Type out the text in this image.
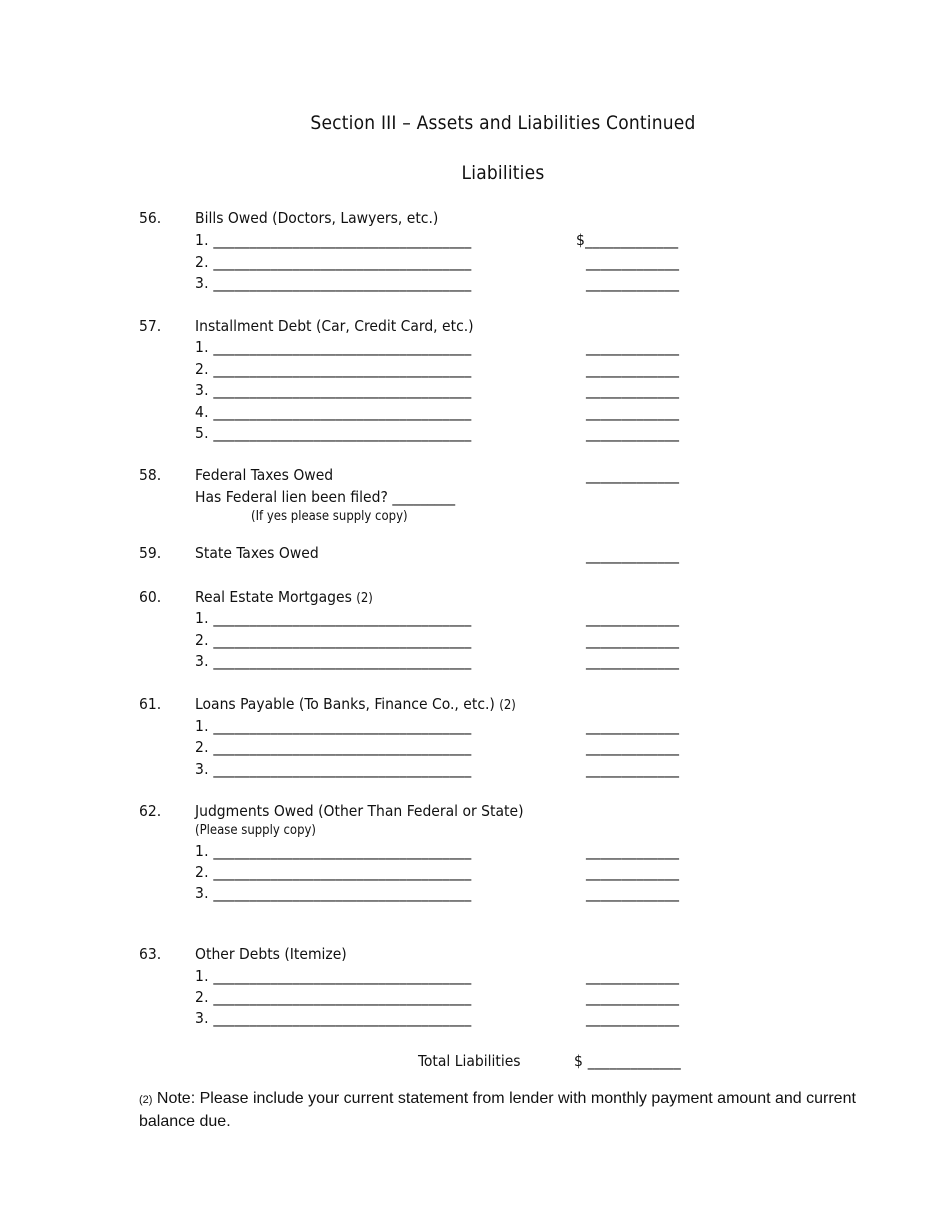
Section III – Assets and Liabilities Continued
Liabilities
56. Bills Owed (Doctors, Lawyers, etc.)
1. ____________________________________	$_____________
2. ____________________________________	_____________
3. ____________________________________	_____________
57. Installment Debt (Car, Credit Card, etc.)
1. ____________________________________	_____________
2. ____________________________________	_____________
3. ____________________________________	_____________
4. ____________________________________	_____________
5. ____________________________________	_____________
58. Federal Taxes Owed	_____________
Has Federal lien been filed? _________
(If yes please supply copy)
59. State Taxes Owed	_____________
60. Real Estate Mortgages (2)
1. ____________________________________	_____________
2. ____________________________________	_____________
3. ____________________________________	_____________
61. Loans Payable (To Banks, Finance Co., etc.) (2)
1. ____________________________________	_____________
2. ____________________________________	_____________
3. ____________________________________	_____________
62. Judgments Owed (Other Than Federal or State)
(Please supply copy)
1. ____________________________________	_____________
2. ____________________________________	_____________
3. ____________________________________	_____________
63. Other Debts (Itemize)
1. ____________________________________	_____________
2. ____________________________________	_____________
3. ____________________________________	_____________
Total Liabilities	$ _____________
(2) Note: Please include your current statement from lender with monthly payment amount and current balance due.
